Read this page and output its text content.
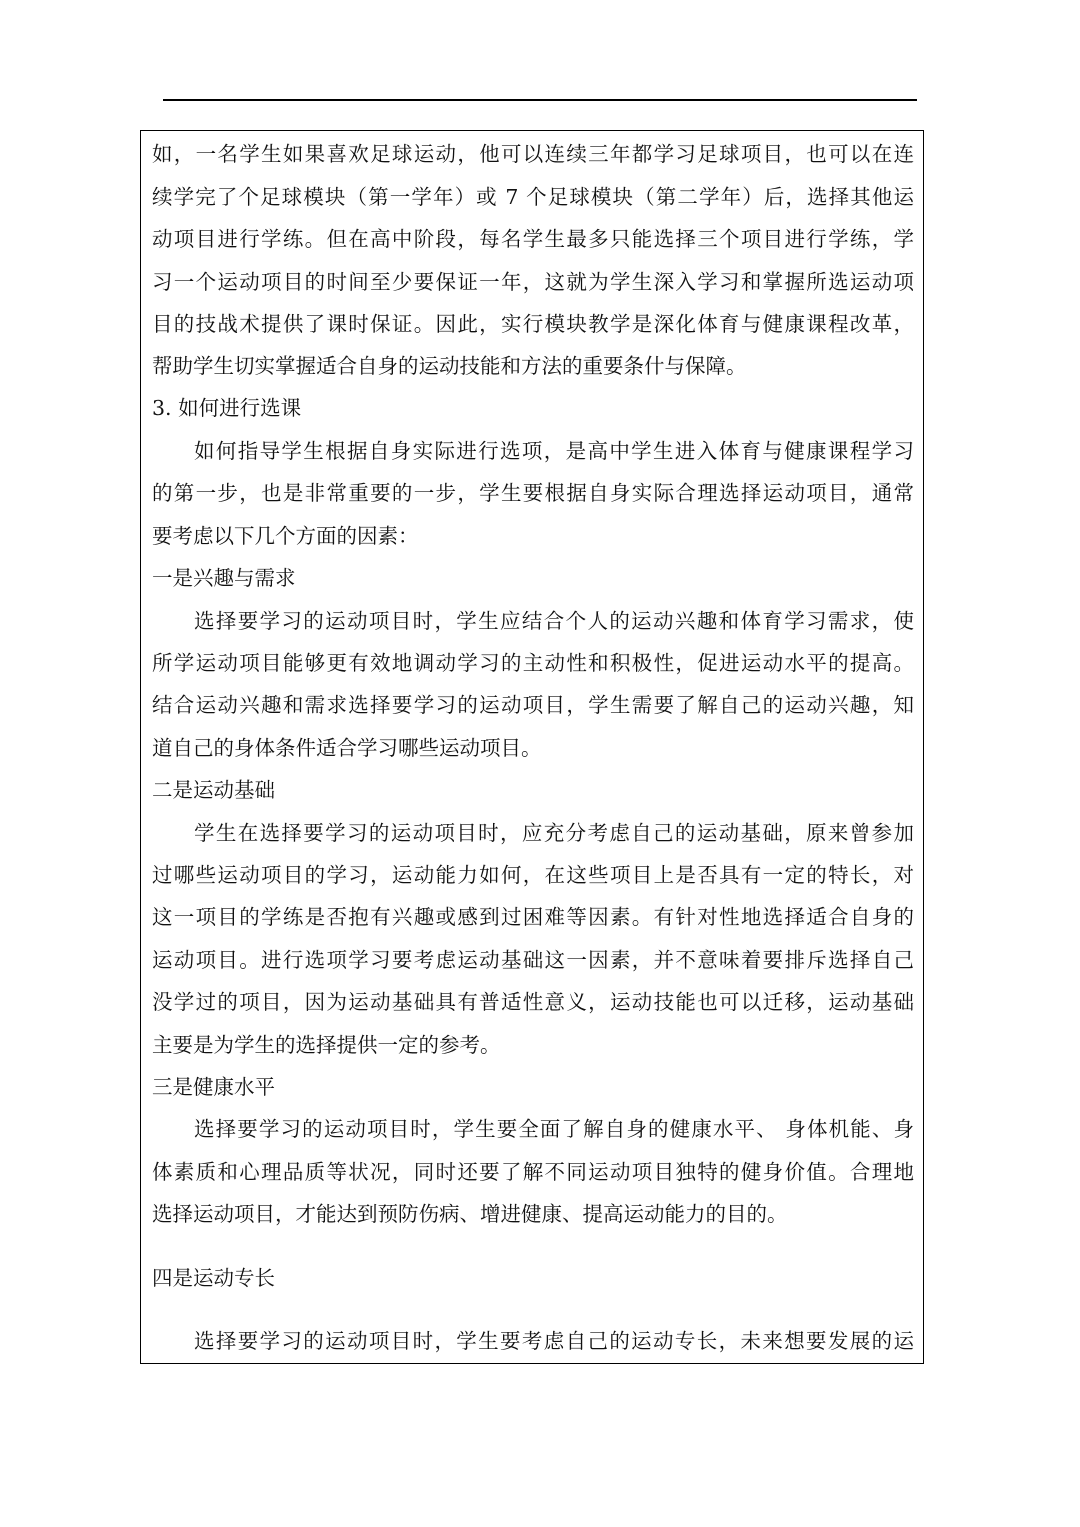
如，一名学生如果喜欢足球运动，他可以连续三年都学习足球项目，也可以在连
续学完了个足球模块（第一学年）或 7 个足球模块（第二学年）后，选择其他运
动项目进行学练。但在高中阶段，每名学生最多只能选择三个项目进行学练，学
习一个运动项目的时间至少要保证一年，这就为学生深入学习和掌握所选运动项
目的技战术提供了课时保证。因此，实行模块教学是深化体育与健康课程改革，
帮助学生切实掌握适合自身的运动技能和方法的重要条什与保障。
3. 如何进行选课
如何指导学生根据自身实际进行选项，是高中学生进入体育与健康课程学习
的第一步，也是非常重要的一步，学生要根据自身实际合理选择运动项目，通常
要考虑以下几个方面的因素：
一是兴趣与需求
选择要学习的运动项目时，学生应结合个人的运动兴趣和体育学习需求，使
所学运动项目能够更有效地调动学习的主动性和积极性，促进运动水平的提高。
结合运动兴趣和需求选择要学习的运动项目，学生需要了解自己的运动兴趣，知
道自己的身体条件适合学习哪些运动项目。
二是运动基础
学生在选择要学习的运动项目时，应充分考虑自己的运动基础，原来曾参加
过哪些运动项目的学习，运动能力如何，在这些项目上是否具有一定的特长，对
这一项目的学练是否抱有兴趣或感到过困难等因素。有针对性地选择适合自身的
运动项目。进行选项学习要考虑运动基础这一因素，并不意味着要排斥选择自己
没学过的项目，因为运动基础具有普适性意义，运动技能也可以迁移，运动基础
主要是为学生的选择提供一定的参考。
三是健康水平
选择要学习的运动项目时，学生要全面了解自身的健康水平、 身体机能、身
体素质和心理品质等状况，同时还要了解不同运动项目独特的健身价值。合理地
选择运动项目，才能达到预防伤病、增进健康、提高运动能力的目的。
四是运动专长
选择要学习的运动项目时，学生要考虑自己的运动专长，未来想要发展的运
